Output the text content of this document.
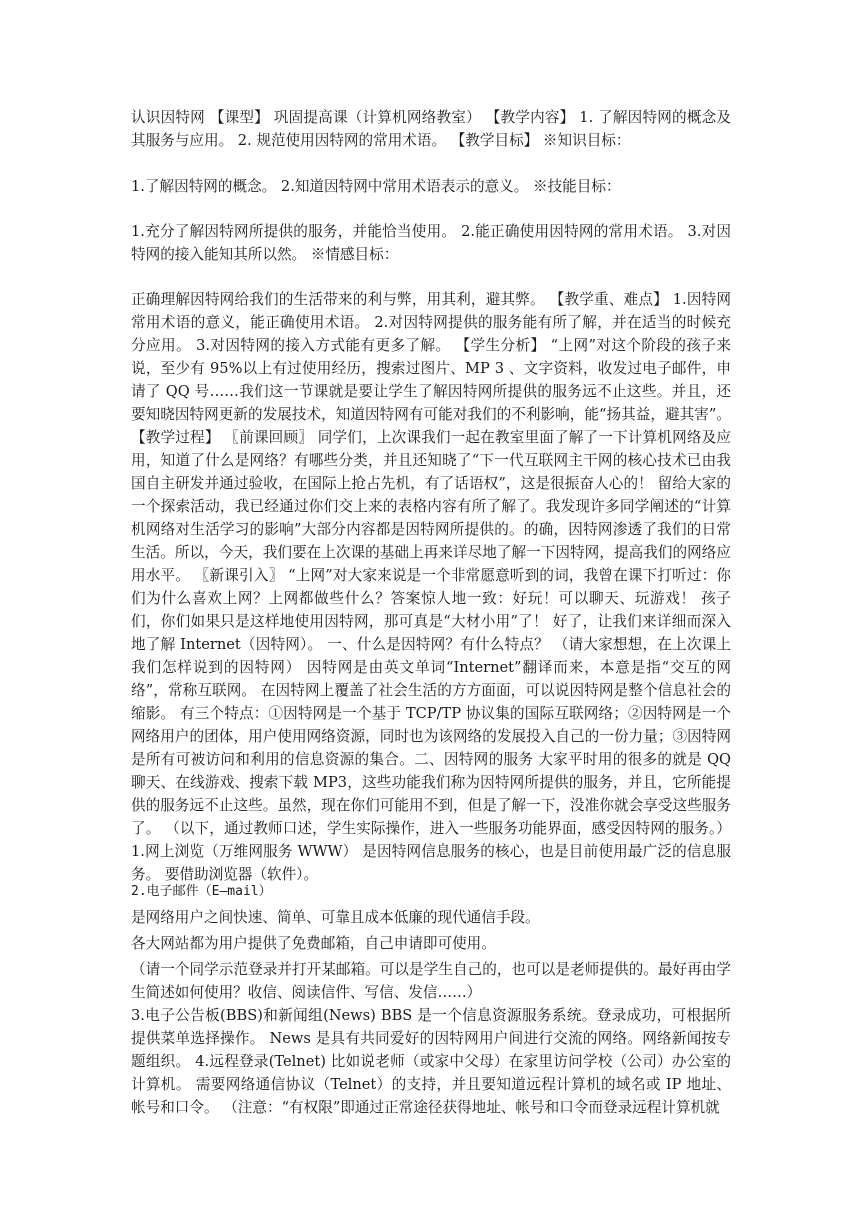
认识因特网 【课型】 巩固提高课（计算机网络教室） 【教学内容】 1. 了解因特网的概念及其服务与应用。 2. 规范使用因特网的常用术语。 【教学目标】 ※知识目标：
1.了解因特网的概念。 2.知道因特网中常用术语表示的意义。 ※技能目标：
1.充分了解因特网所提供的服务，并能恰当使用。 2.能正确使用因特网的常用术语。 3.对因特网的接入能知其所以然。 ※情感目标：
正确理解因特网给我们的生活带来的利与弊，用其利，避其弊。 【教学重、难点】 1.因特网常用术语的意义，能正确使用术语。 2.对因特网提供的服务能有所了解，并在适当的时候充分应用。 3.对因特网的接入方式能有更多了解。 【学生分析】 “上网”对这个阶段的孩子来说，至少有 95%以上有过使用经历，搜索过图片、MP 3 、文字资料，收发过电子邮件，申请了 QQ 号……我们这一节课就是要让学生了解因特网所提供的服务远不止这些。并且，还要知晓因特网更新的发展技术，知道因特网有可能对我们的不利影响，能“扬其益，避其害”。 【教学过程】 〖前课回顾〗 同学们，上次课我们一起在教室里面了解了一下计算机网络及应用，知道了什么是网络？有哪些分类，并且还知晓了“下一代互联网主干网的核心技术已由我国自主研发并通过验收，在国际上抢占先机，有了话语权”，这是很振奋人心的！ 留给大家的一个探索活动，我已经通过你们交上来的表格内容有所了解了。我发现许多同学阐述的“计算机网络对生活学习的影响”大部分内容都是因特网所提供的。的确，因特网渗透了我们的日常生活。所以，今天，我们要在上次课的基础上再来详尽地了解一下因特网，提高我们的网络应用水平。 〖新课引入〗 “上网”对大家来说是一个非常愿意听到的词，我曾在课下打听过：你们为什么喜欢上网？上网都做些什么？答案惊人地一致：好玩！可以聊天、玩游戏！ 孩子们，你们如果只是这样地使用因特网，那可真是“大材小用”了！ 好了，让我们来详细而深入地了解 Internet（因特网）。 一、什么是因特网？有什么特点？ （请大家想想，在上次课上我们怎样说到的因特网） 因特网是由英文单词“Internet”翻译而来，本意是指“交互的网络”，常称互联网。 在因特网上覆盖了社会生活的方方面面，可以说因特网是整个信息社会的缩影。 有三个特点：①因特网是一个基于 TCP/TP 协议集的国际互联网络；②因特网是一个网络用户的团体，用户使用网络资源，同时也为该网络的发展投入自己的一份力量；③因特网是所有可被访问和利用的信息资源的集合。二、因特网的服务 大家平时用的很多的就是 QQ 聊天、在线游戏、搜索下载 MP3，这些功能我们称为因特网所提供的服务，并且，它所能提供的服务远不止这些。虽然，现在你们可能用不到，但是了解一下，没准你就会享受这些服务了。 （以下，通过教师口述，学生实际操作，进入一些服务功能界面，感受因特网的服务。） 1.网上浏览（万维网服务 WWW） 是因特网信息服务的核心，也是目前使用最广泛的信息服务。 要借助浏览器（软件）。
2.电子邮件（E—mail）
是网络用户之间快速、简单、可靠且成本低廉的现代通信手段。
各大网站都为用户提供了免费邮箱，自己申请即可使用。
（请一个同学示范登录并打开某邮箱。可以是学生自己的，也可以是老师提供的。最好再由学生简述如何使用？收信、阅读信件、写信、发信……）
3.电子公告板(BBS)和新闻组(News) BBS 是一个信息资源服务系统。登录成功，可根据所提供菜单选择操作。 News 是具有共同爱好的因特网用户间进行交流的网络。网络新闻按专题组织。 4.远程登录(Telnet) 比如说老师（或家中父母）在家里访问学校（公司）办公室的计算机。 需要网络通信协议（Telnet）的支持，并且要知道远程计算机的域名或 IP 地址、帐号和口令。 （注意：“有权限”即通过正常途径获得地址、帐号和口令而登录远程计算机就
